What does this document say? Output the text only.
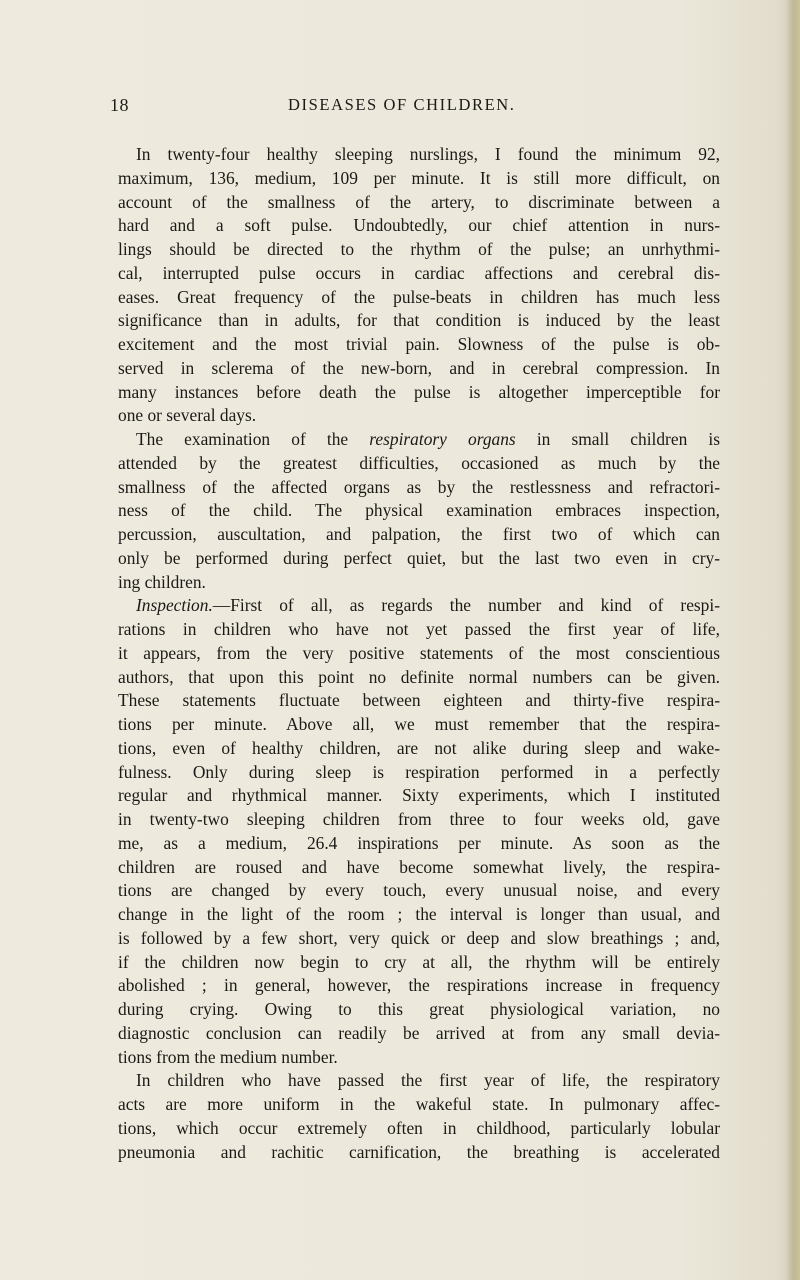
18	DISEASES OF CHILDREN.
In twenty-four healthy sleeping nurslings, I found the minimum 92,
maximum, 136, medium, 109 per minute. It is still more difficult, on
account of the smallness of the artery, to discriminate between a
hard and a soft pulse. Undoubtedly, our chief attention in nurs-
lings should be directed to the rhythm of the pulse; an unrhythmi-
cal, interrupted pulse occurs in cardiac affections and cerebral dis-
eases. Great frequency of the pulse-beats in children has much less
significance than in adults, for that condition is induced by the least
excitement and the most trivial pain. Slowness of the pulse is ob-
served in sclerema of the new-born, and in cerebral compression. In
many instances before death the pulse is altogether imperceptible for
one or several days.
The examination of the respiratory organs in small children is
attended by the greatest difficulties, occasioned as much by the
smallness of the affected organs as by the restlessness and refractori-
ness of the child. The physical examination embraces inspection,
percussion, auscultation, and palpation, the first two of which can
only be performed during perfect quiet, but the last two even in cry-
ing children.
Inspection.—First of all, as regards the number and kind of respi-
rations in children who have not yet passed the first year of life,
it appears, from the very positive statements of the most conscientious
authors, that upon this point no definite normal numbers can be given.
These statements fluctuate between eighteen and thirty-five respira-
tions per minute. Above all, we must remember that the respira-
tions, even of healthy children, are not alike during sleep and wake-
fulness. Only during sleep is respiration performed in a perfectly
regular and rhythmical manner. Sixty experiments, which I instituted
in twenty-two sleeping children from three to four weeks old, gave
me, as a medium, 26.4 inspirations per minute. As soon as the
children are roused and have become somewhat lively, the respira-
tions are changed by every touch, every unusual noise, and every
change in the light of the room ; the interval is longer than usual, and
is followed by a few short, very quick or deep and slow breathings ; and,
if the children now begin to cry at all, the rhythm will be entirely
abolished ; in general, however, the respirations increase in frequency
during crying. Owing to this great physiological variation, no
diagnostic conclusion can readily be arrived at from any small devia-
tions from the medium number.
In children who have passed the first year of life, the respiratory
acts are more uniform in the wakeful state. In pulmonary affec-
tions, which occur extremely often in childhood, particularly lobular
pneumonia and rachitic carnification, the breathing is accelerated
